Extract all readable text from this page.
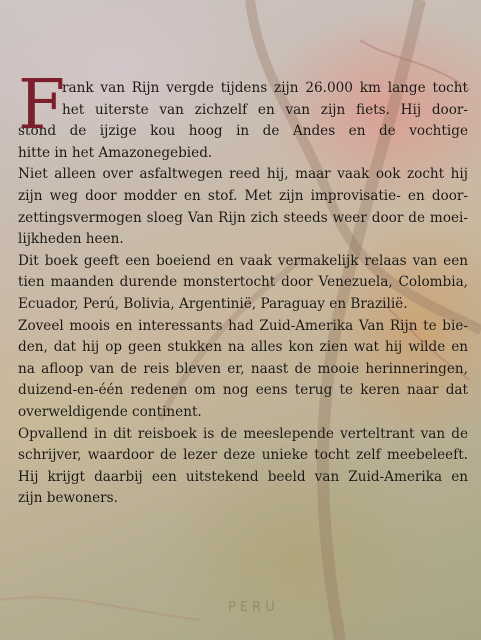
PERU
F

rank van Rijn vergde tijdens zijn 26.000 km lange tocht
het uiterste van zichzelf en van zijn fiets. Hij door-
stond de ijzige kou hoog in de Andes en de vochtige
hitte in het Amazonegebied.

Niet alleen over asfaltwegen reed hij, maar vaak ook zocht hij
zijn weg door modder en stof. Met zijn improvisatie- en door-
zettingsvermogen sloeg Van Rijn zich steeds weer door de moei-
lijkheden heen.

Dit boek geeft een boeiend en vaak vermakelijk relaas van een
tien maanden durende monstertocht door Venezuela, Colombia,
Ecuador, Perú, Bolivia, Argentinië, Paraguay en Brazilië.

Zoveel moois en interessants had Zuid-Amerika Van Rijn te bie-
den, dat hij op geen stukken na alles kon zien wat hij wilde en
na afloop van de reis bleven er, naast de mooie herinneringen,
duizend-en-één redenen om nog eens terug te keren naar dat
overweldigende continent.

Opvallend in dit reisboek is de meeslepende verteltrant van de
schrijver, waardoor de lezer deze unieke tocht zelf meebeleeft.
Hij krijgt daarbij een uitstekend beeld van Zuid-Amerika en
zijn bewoners.
